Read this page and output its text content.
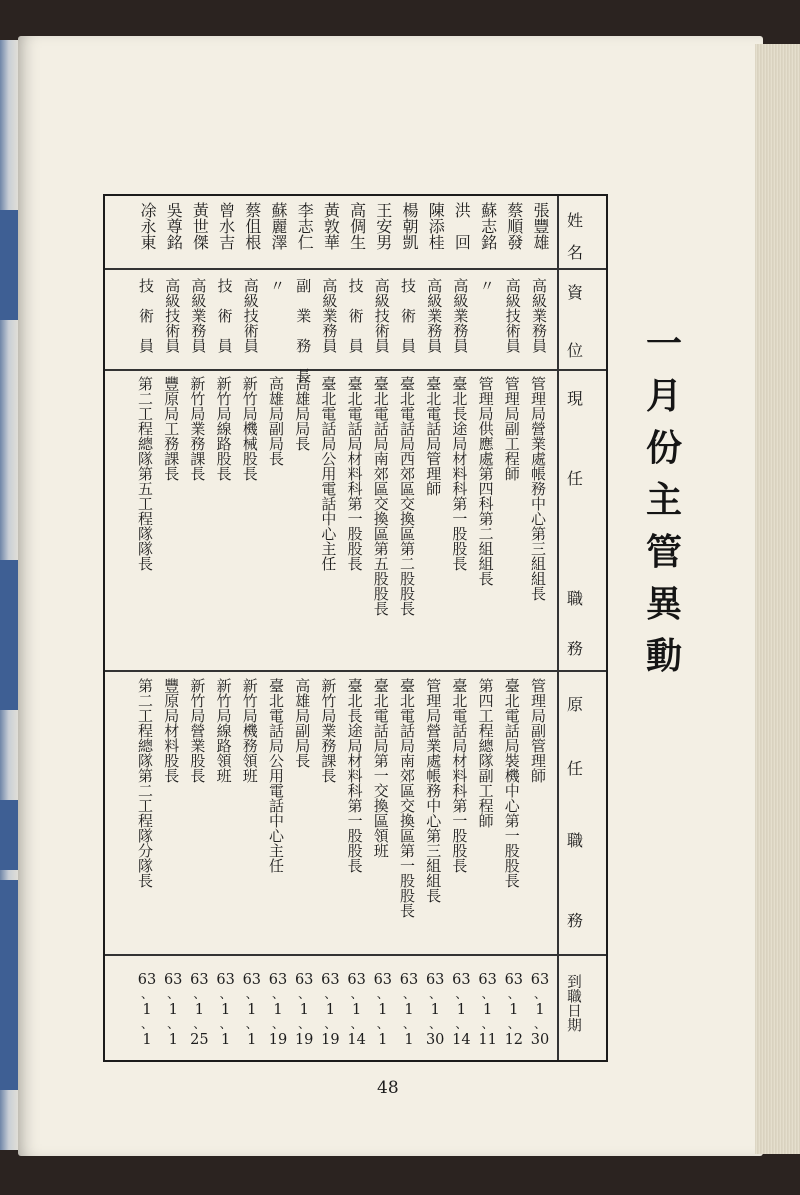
一
月
份
主
管
異
動
姓
名
資
位
現
任
職
務
原
任
職
務
到職日期
張豐雄
高級業務員
管理局營業處帳務中心第三組組長
管理局副管理師
63
1
30
、
、
蔡順發
高級技術員
管理局副工程師
臺北電話局裝機中心第一股股長
63
1
12
、
、
蘇志銘
〃
管理局供應處第四科第二組組長
第四工程總隊副工程師
63
1
11
、
、
洪　回
高級業務員
臺北長途局材料科第一股股長
臺北電話局材料科第一股股長
63
1
14
、
、
陳添桂
高級業務員
臺北電話局管理師
管理局營業處帳務中心第三組組長
63
1
30
、
、
楊朝凱
技　術　員
臺北電話局西郊區交換區第二股股長
臺北電話局南郊區交換區第一股股長
63
1
1
、
、
王安男
高級技術員
臺北電話局南郊區交換區第五股股長
臺北電話局第一交換區領班
63
1
1
、
、
高倜生
技　術　員
臺北電話局材料科第一股股長
臺北長途局材料科第一股股長
63
1
14
、
、
黃敦華
高級業務員
臺北電話局公用電話中心主任
新竹局業務課長
63
1
19
、
、
李志仁
副　業　務　長
高雄局局長
高雄局副局長
63
1
19
、
、
蘇麗澤
〃
高雄局副局長
臺北電話局公用電話中心主任
63
1
19
、
、
蔡伹根
高級技術員
新竹局機械股長
新竹局機務領班
63
1
1
、
、
曾水吉
技　術　員
新竹局線路股長
新竹局線路領班
63
1
1
、
、
黃世傑
高級業務員
新竹局業務課長
新竹局營業股長
63
1
25
、
、
吳尊銘
高級技術員
豐原局工務課長
豐原局材料股長
63
1
1
、
、
凃永東
技　術　員
第二工程總隊第五工程隊隊長
第二工程總隊第二工程隊分隊長
63
1
1
、
、
48
